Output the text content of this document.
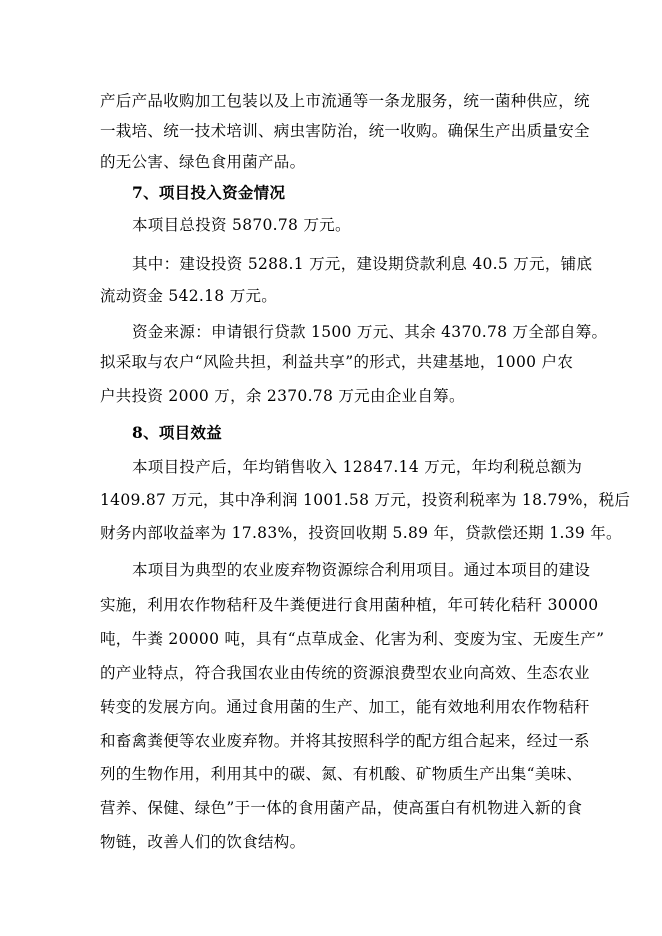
产后产品收购加工包装以及上市流通等一条龙服务，统一菌种供应，统
一栽培、统一技术培训、病虫害防治，统一收购。确保生产出质量安全
的无公害、绿色食用菌产品。
7、项目投入资金情况
本项目总投资 5870.78 万元。
其中：建设投资 5288.1 万元，建设期贷款利息 40.5 万元，铺底
流动资金 542.18 万元。
资金来源：申请银行贷款 1500 万元、其余 4370.78 万全部自筹。
拟采取与农户“风险共担，利益共享”的形式，共建基地，1000 户农
户共投资 2000 万，余 2370.78 万元由企业自筹。
8、项目效益
本项目投产后，年均销售收入 12847.14 万元，年均利税总额为
1409.87 万元，其中净利润 1001.58 万元，投资利税率为 18.79%，税后
财务内部收益率为 17.83%，投资回收期 5.89 年，贷款偿还期 1.39 年。
本项目为典型的农业废弃物资源综合利用项目。通过本项目的建设
实施，利用农作物秸秆及牛粪便进行食用菌种植，年可转化秸秆 30000
吨，牛粪 20000 吨，具有“点草成金、化害为利、变废为宝、无废生产”
的产业特点，符合我国农业由传统的资源浪费型农业向高效、生态农业
转变的发展方向。通过食用菌的生产、加工，能有效地利用农作物秸秆
和畜禽粪便等农业废弃物。并将其按照科学的配方组合起来，经过一系
列的生物作用，利用其中的碳、氮、有机酸、矿物质生产出集“美味、
营养、保健、绿色”于一体的食用菌产品，使高蛋白有机物进入新的食
物链，改善人们的饮食结构。
